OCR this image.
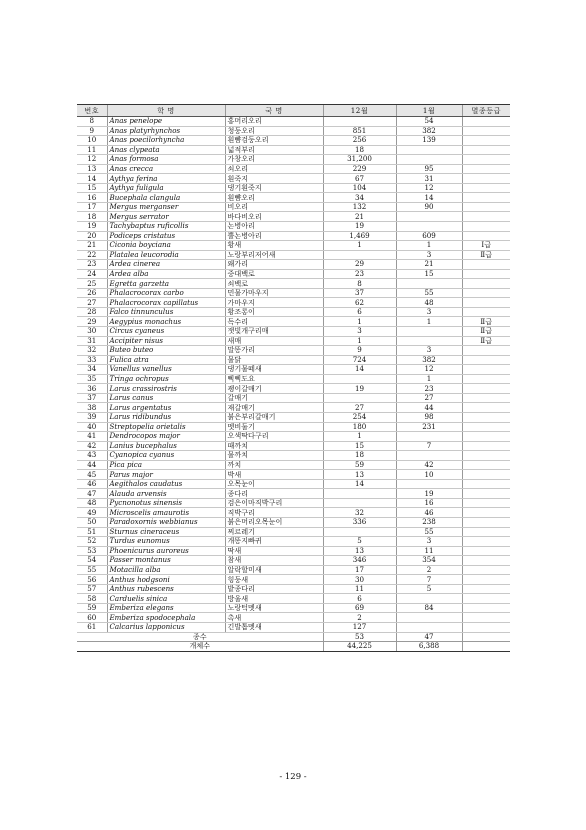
번호	학 명	국 명	12월	1월	멸종등급
8	Anas penelope	홍머리오리		54	
9	Anas platyrhynchos	청둥오리	851	382	
10	Anas poecilorhyncha	흰뺨검둥오리	256	139	
11	Anas clypeata	넓적부리	18		
12	Anas formosa	가창오리	31,200		
13	Anas crecca	쇠오리	229	95	
14	Aythya ferina	흰죽지	67	31	
15	Aythya fuligula	댕기흰죽지	104	12	
16	Bucephala clangula	흰뺨오리	34	14	
17	Mergus merganser	비오리	132	90	
18	Mergus serrator	바다비오리	21		
19	Tachybaptus ruficollis	논병아리	19		
20	Podiceps cristatus	뿔논병아리	1,469	609	
21	Ciconia boyciana	황새	1	1	Ⅰ급
22	Platalea leucorodia	노랑부리저어새		3	Ⅱ급
23	Ardea cinerea	왜가리	29	21	
24	Ardea alba	중대백로	23	15	
25	Egretta garzetta	쇠백로	8		
26	Phalacrocorax carbo	민물가마우지	37	55	
27	Phalacrocorax capillatus	가마우지	62	48	
28	Falco tinnunculus	황조롱이	6	3	
29	Aegypius monachus	독수리	1	1	Ⅱ급
30	Circus cyaneus	잿빛개구리매	3		Ⅱ급
31	Accipiter nisus	새매	1		Ⅱ급
32	Buteo buteo	말똥가리	9	3	
33	Fulica atra	물닭	724	382	
34	Vanellus vanellus	댕기물떼새	14	12	
35	Tringa ochropus	삑삑도요		1	
36	Larus crassirostris	괭이갈매기	19	23	
37	Larus canus	갈매기		27	
38	Larus argentatus	재갈매기	27	44	
39	Larus ridibundus	붉은부리갈매기	254	98	
40	Streptopelia orietalis	멧비둘기	180	231	
41	Dendrocopos major	오색딱다구리	1		
42	Lanius bucephalus	때까치	15	7	
43	Cyanopica cyanus	물까치	18		
44	Pica pica	까치	59	42	
45	Parus major	박새	13	10	
46	Aegithalos caudatus	오목눈이	14		
47	Alauda arvensis	종다리		19	
48	Pycnonotus sinensis	검은이마직박구리		16	
49	Microscelis amaurotis	직박구리	32	46	
50	Paradoxornis webbianus	붉은머리오목눈이	336	238	
51	Sturnus cineraceus	찌르레기		55	
52	Turdus eunomus	개똥지빠귀	5	3	
53	Phoenicurus auroreus	딱새	13	11	
54	Passer montanus	참새	346	354	
55	Motacilla alba	알락할미새	17	2	
56	Anthus hodgsoni	힝둥새	30	7	
57	Anthus rubescens	밭종다리	11	5	
58	Carduelis sinica	방울새	6		
59	Emberiza elegans	노랑턱멧새	69	84	
60	Emberiza spodocephala	촉새	2		
61	Calcarius lapponicus	긴발톱멧새	127		
종수			53	47	
개체수			44,225	6,388	
- 129 -
